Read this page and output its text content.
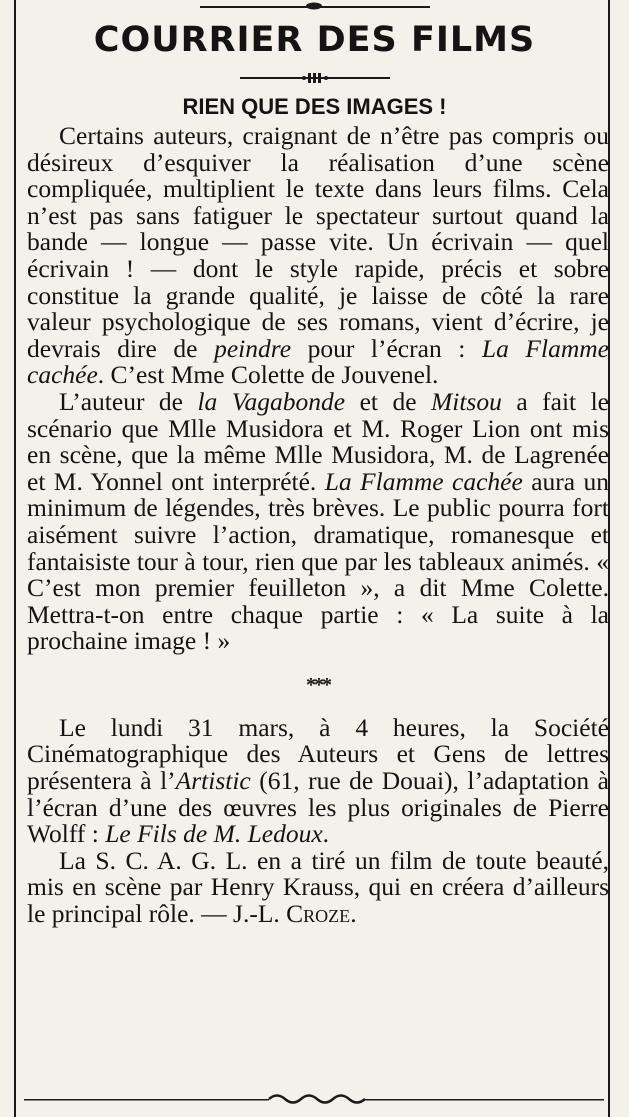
COURRIER DES FILMS
RIEN QUE DES IMAGES !

Certains auteurs, craignant de n’être pas compris ou désireux d’esquiver la réalisation d’une scène compliquée, multiplient le texte dans leurs films. Cela n’est pas sans fatiguer le spectateur surtout quand la bande — longue — passe vite. Un écrivain — quel écrivain ! — dont le style rapide, précis et sobre constitue la grande qualité, je laisse de côté la rare valeur psychologique de ses romans, vient d’écrire, je devrais dire de peindre pour l’écran : La Flamme cachée. C’est Mme Colette de Jouvenel.

L’auteur de la Vagabonde et de Mitsou a fait le scénario que Mlle Musidora et M. Roger Lion ont mis en scène, que la même Mlle Musidora, M. de Lagrenée et M. Yonnel ont interprété. La Flamme cachée aura un minimum de légendes, très brèves. Le public pourra fort aisément suivre l’action, dramatique, romanesque et fantaisiste tour à tour, rien que par les tableaux animés. « C’est mon premier feuilleton », a dit Mme Colette. Mettra-t-on entre chaque partie : « La suite à la prochaine image ! »

***

Le lundi 31 mars, à 4 heures, la Société Cinématographique des Auteurs et Gens de lettres présentera à l’Artistic (61, rue de Douai), l’adaptation à l’écran d’une des œuvres les plus originales de Pierre Wolff : Le Fils de M. Ledoux.

La S. C. A. G. L. en a tiré un film de toute beauté, mis en scène par Henry Krauss, qui en créera d’ailleurs le principal rôle. — J.-L. Croze.
